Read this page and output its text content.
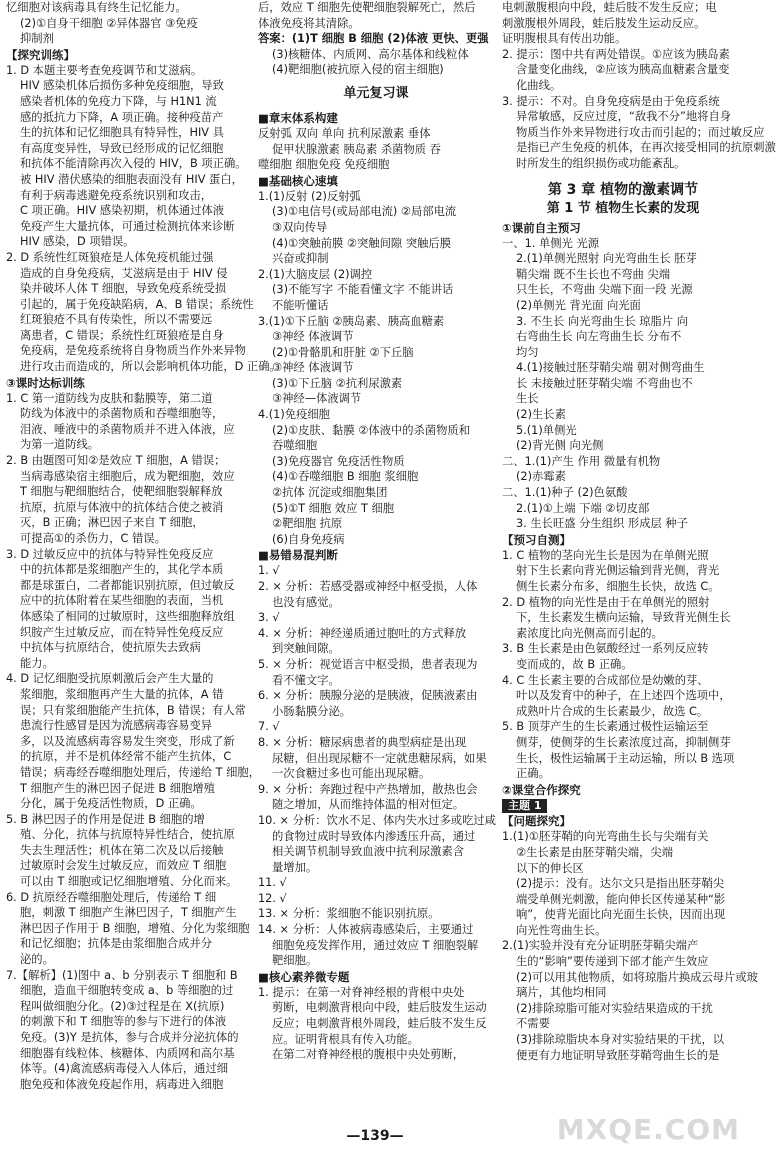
忆细胞对该病毒具有终生记忆能力。
(2)①自身干细胞 ②异体器官 ③免疫
抑制剂
【探究训练】
1. D 本题主要考查免疫调节和艾滋病。
HIV 感染机体后损伤多种免疫细胞，导致
感染者机体的免疫力下降，与 H1N1 流
感的抵抗力下降，A 项正确。接种疫苗产
生的抗体和记忆细胞具有特异性，HIV 具
有高度变异性，导致已经形成的记忆细胞
和抗体不能清除再次入侵的 HIV，B 项正确。
被 HIV 潜伏感染的细胞表面没有 HIV 蛋白，
有利于病毒逃避免疫系统识别和攻击，
C 项正确。HIV 感染初期，机体通过体液
免疫产生大量抗体，可通过检测抗体来诊断
HIV 感染，D 项错误。
2. D 系统性红斑狼疮是人体免疫机能过强
造成的自身免疫病，艾滋病是由于 HIV 侵
染并破坏人体 T 细胞，导致免疫系统受损
引起的，属于免疫缺陷病，A、B 错误；系统性
红斑狼疮不具有传染性，所以不需要远
离患者，C 错误；系统性红斑狼疮是自身
免疫病，是免疫系统将自身物质当作外来异物
进行攻击而造成的，所以会影响机体功能，D 正确。
③课时达标训练
1. C 第一道防线为皮肤和黏膜等，第二道
防线为体液中的杀菌物质和吞噬细胞等，
泪液、唾液中的杀菌物质并不进入体液，应
为第一道防线。
2. B 由题图可知②是效应 T 细胞，A 错误；
当病毒感染宿主细胞后，成为靶细胞，效应
T 细胞与靶细胞结合，使靶细胞裂解释放
抗原，抗原与体液中的抗体结合使之被消
灭，B 正确；淋巴因子来自 T 细胞，
可提高①的杀伤力，C 错误。
3. D 过敏反应中的抗体与特异性免疫反应
中的抗体都是浆细胞产生的，其化学本质
都是球蛋白，二者都能识别抗原，但过敏反
应中的抗体附着在某些细胞的表面，当机
体感染了相同的过敏原时，这些细胞释放组
织胺产生过敏反应，而在特异性免疫反应
中抗体与抗原结合，使抗原失去致病
能力。
4. D 记忆细胞受抗原刺激后会产生大量的
浆细胞，浆细胞再产生大量的抗体，A 错
误；只有浆细胞能产生抗体，B 错误；有人常
患流行性感冒是因为流感病毒容易变异
多，以及流感病毒容易发生突变，形成了新
的抗原，并不是机体经常不能产生抗体，C
错误；病毒经吞噬细胞处理后，传递给 T 细胞，
T 细胞产生的淋巴因子促进 B 细胞增殖
分化，属于免疫活性物质，D 正确。
5. B 淋巴因子的作用是促进 B 细胞的增
殖、分化，抗体与抗原特异性结合，使抗原
失去生理活性；机体在第二次及以后接触
过敏原时会发生过敏反应，而效应 T 细胞
可以由 T 细胞或记忆细胞增殖、分化而来。
6. D 抗原经吞噬细胞处理后，传递给 T 细
胞，刺激 T 细胞产生淋巴因子，T 细胞产生
淋巴因子作用于 B 细胞，增殖、分化为浆细胞
和记忆细胞；抗体是由浆细胞合成并分
泌的。
7.【解析】(1)图中 a、b 分别表示 T 细胞和 B
细胞，造血干细胞转变成 a、b 等细胞的过
程叫做细胞分化。(2)③过程是在 X(抗原)
的刺激下和 T 细胞等的参与下进行的体液
免疫。(3)Y 是抗体，参与合成并分泌抗体的
细胞器有线粒体、核糖体、内质网和高尔基
体等。(4)禽流感病毒侵入人体后，通过细
胞免疫和体液免疫起作用，病毒进入细胞
后，效应 T 细胞先使靶细胞裂解死亡，然后
体液免疫将其清除。
答案：(1)T 细胞 B 细胞 (2)体液 更快、更强
(3)核糖体、内质网、高尔基体和线粒体
(4)靶细胞(被抗原入侵的宿主细胞)
单元复习课
■章末体系构建
反射弧 双向 单向 抗利尿激素 垂体
促甲状腺激素 胰岛素 杀菌物质 吞
噬细胞 细胞免疫 免疫细胞
■基础核心速填
1.(1)反射 (2)反射弧
(3)①电信号(或局部电流) ②局部电流
③双向传导
(4)①突触前膜 ②突触间隙 突触后膜
兴奋或抑制
2.(1)大脑皮层 (2)调控
(3)不能写字 不能看懂文字 不能讲话
不能听懂话
3.(1)①下丘脑 ②胰岛素、胰高血糖素
③神经 体液调节
(2)①骨骼肌和肝脏 ②下丘脑
③神经 体液调节
(3)①下丘脑 ②抗利尿激素
③神经—体液调节
4.(1)免疫细胞
(2)①皮肤、黏膜 ②体液中的杀菌物质和
吞噬细胞
(3)免疫器官 免疫活性物质
(4)①吞噬细胞 B 细胞 浆细胞
②抗体 沉淀或细胞集团
(5)①T 细胞 效应 T 细胞
②靶细胞 抗原
(6)自身免疫病
■易错易混判断
1. √
2. × 分析：若感受器或神经中枢受损，人体
也没有感觉。
3. √
4. × 分析：神经递质通过胞吐的方式释放
到突触间隙。
5. × 分析：视觉语言中枢受损，患者表现为
看不懂文字。
6. × 分析：胰腺分泌的是胰液，促胰液素由
小肠黏膜分泌。
7. √
8. × 分析：糖尿病患者的典型病症是出现
尿糖，但出现尿糖不一定就患糖尿病，如果
一次食糖过多也可能出现尿糖。
9. × 分析：奔跑过程中产热增加，散热也会
随之增加，从而维持体温的相对恒定。
10. × 分析：饮水不足、体内失水过多或吃过咸
的食物过成时导致体内渗透压升高，通过
相关调节机制导致血液中抗利尿激素含
量增加。
11. √
12. √
13. × 分析：浆细胞不能识别抗原。
14. × 分析：人体被病毒感染后，主要通过
细胞免疫发挥作用，通过效应 T 细胞裂解
靶细胞。
■核心素养微专题
1. 提示：在第一对脊神经根的背根中央处
剪断，电刺激背根向中段，蛙后肢发生运动
反应；电刺激背根外周段，蛙后肢不发生反
应。证明背根具有传入功能。
在第二对脊神经根的腹根中央处剪断，
电刺激腹根向中段，蛙后肢不发生反应；电
刺激腹根外周段，蛙后肢发生运动反应。
证明腹根具有传出功能。
2. 提示：图中共有两处错误。①应该为胰岛素
含量变化曲线，②应该为胰高血糖素含量变
化曲线。
3. 提示：不对。自身免疫病是由于免疫系统
异常敏感，反应过度，“敌我不分”地将自身
物质当作外来异物进行攻击而引起的；而过敏反应
是指已产生免疫的机体，在再次接受相同的抗原刺激
时所发生的组织损伤或功能紊乱。
第 3 章 植物的激素调节
第 1 节 植物生长素的发现
①课前自主预习
一、1. 单侧光 光源
2.(1)单侧光照射 向光弯曲生长 胚芽
鞘尖端 既不生长也不弯曲 尖端
只生长，不弯曲 尖端下面一段 光源
(2)单侧光 背光面 向光面
3. 不生长 向光弯曲生长 琼脂片 向
右弯曲生长 向左弯曲生长 分布不
均匀
4.(1)接触过胚芽鞘尖端 朝对侧弯曲生
长 未接触过胚芽鞘尖端 不弯曲也不
生长
(2)生长素
5.(1)单侧光
(2)背光侧 向光侧
二、1.(1)产生 作用 微量有机物
(2)赤霉素
二、1.(1)种子 (2)色氨酸
2.(1)①上端 下端 ②切皮部
3. 生长旺盛 分生组织 形成层 种子
【预习自测】
1. C 植物的茎向光生长是因为在单侧光照
射下生长素向背光侧运输到背光侧，背光
侧生长素分布多，细胞生长快，故选 C。
2. D 植物的向光性是由于在单侧光的照射
下，生长素发生横向运输，导致背光侧生长
素浓度比向光侧高而引起的。
3. B 生长素是由色氨酸经过一系列反应转
变而成的，故 B 正确。
4. C 生长素主要的合成部位是幼嫩的芽、
叶以及发育中的种子，在上述四个选项中，
成熟叶片合成的生长素最少，故选 C。
5. B 顶芽产生的生长素通过极性运输运至
侧芽，使侧芽的生长素浓度过高，抑制侧芽
生长，极性运输属于主动运输，所以 B 选项
正确。
②课堂合作探究
主题 1
【问题探究】
1.(1)①胚芽鞘的向光弯曲生长与尖端有关
②生长素是由胚芽鞘尖端，尖端
以下的伸长区
(2)提示：没有。达尔文只是指出胚芽鞘尖
端受单侧光刺激，能向伸长区传递某种“影
响”，使背光面比向光面生长快，因而出现
向光性弯曲生长。
2.(1)实验并没有充分证明胚芽鞘尖端产
生的“影响”要传递到下部才能产生效应
(2)可以用其他物质，如将琼脂片换成云母片或玻
璃片，其他均相同
(2)排除琼脂可能对实验结果造成的干扰
不需要
(3)排除琼脂块本身对实验结果的干扰，以
便更有力地证明导致胚芽鞘弯曲生长的是
—139—	MXQE.COM
